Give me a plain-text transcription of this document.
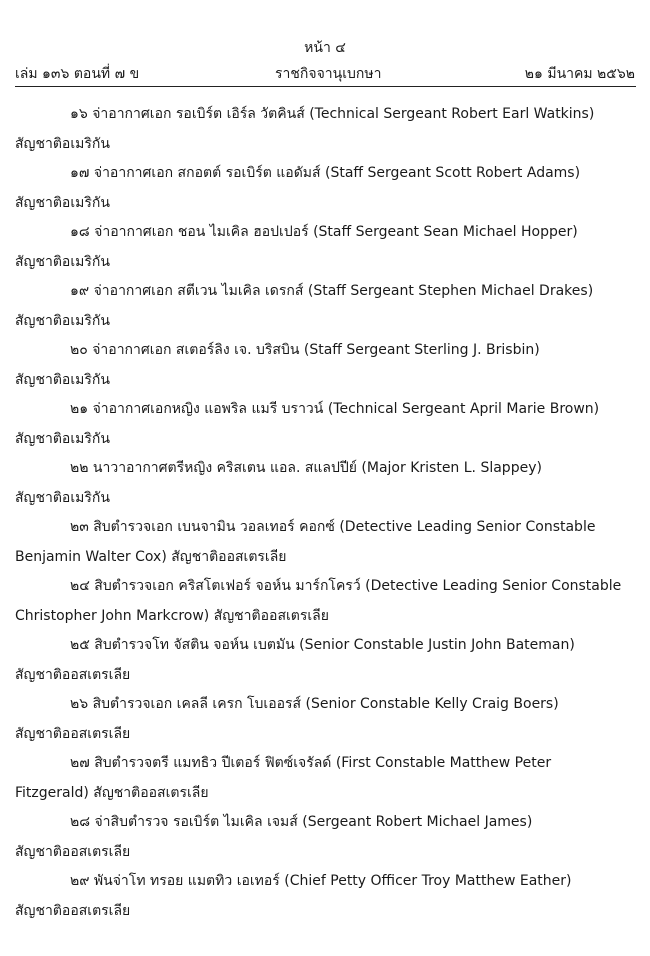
หน้า ๔
เล่ม ๑๓๖ ตอนที่ ๗ ข	ราชกิจจานุเบกษา	๒๑ มีนาคม ๒๕๖๒
๑๖ จ่าอากาศเอก รอเบิร์ต เอิร์ล วัตคินส์ (Technical Sergeant Robert Earl Watkins)
สัญชาติอเมริกัน
๑๗ จ่าอากาศเอก สกอตต์ รอเบิร์ต แอดัมส์ (Staff Sergeant Scott Robert Adams)
สัญชาติอเมริกัน
๑๘ จ่าอากาศเอก ชอน ไมเคิล ฮอปเปอร์ (Staff Sergeant Sean Michael Hopper)
สัญชาติอเมริกัน
๑๙ จ่าอากาศเอก สตีเวน ไมเคิล เดรกส์ (Staff Sergeant Stephen Michael Drakes)
สัญชาติอเมริกัน
๒๐ จ่าอากาศเอก สเตอร์ลิง เจ. บริสบิน (Staff Sergeant Sterling J. Brisbin)
สัญชาติอเมริกัน
๒๑ จ่าอากาศเอกหญิง แอพริล แมรี บราวน์ (Technical Sergeant April Marie Brown)
สัญชาติอเมริกัน
๒๒ นาวาอากาศตรีหญิง คริสเตน แอล. สแลปปีย์ (Major Kristen L. Slappey)
สัญชาติอเมริกัน
๒๓ สิบตำรวจเอก เบนจามิน วอลเทอร์ คอกซ์ (Detective Leading Senior Constable
Benjamin Walter Cox) สัญชาติออสเตรเลีย
๒๔ สิบตำรวจเอก คริสโตเฟอร์ จอห์น มาร์กโครว์ (Detective Leading Senior Constable
Christopher John Markcrow) สัญชาติออสเตรเลีย
๒๕ สิบตำรวจโท จัสติน จอห์น เบตมัน (Senior Constable Justin John Bateman)
สัญชาติออสเตรเลีย
๒๖ สิบตำรวจเอก เคลลี เครก โบเออรส์ (Senior Constable Kelly Craig Boers)
สัญชาติออสเตรเลีย
๒๗ สิบตำรวจตรี แมทธิว ปีเตอร์ ฟิตซ์เจรัลด์ (First Constable Matthew Peter
Fitzgerald) สัญชาติออสเตรเลีย
๒๘ จ่าสิบตำรวจ รอเบิร์ต ไมเคิล เจมส์ (Sergeant Robert Michael James)
สัญชาติออสเตรเลีย
๒๙ พันจ่าโท ทรอย แมตทิว เอเทอร์ (Chief Petty Officer Troy Matthew Eather)
สัญชาติออสเตรเลีย
